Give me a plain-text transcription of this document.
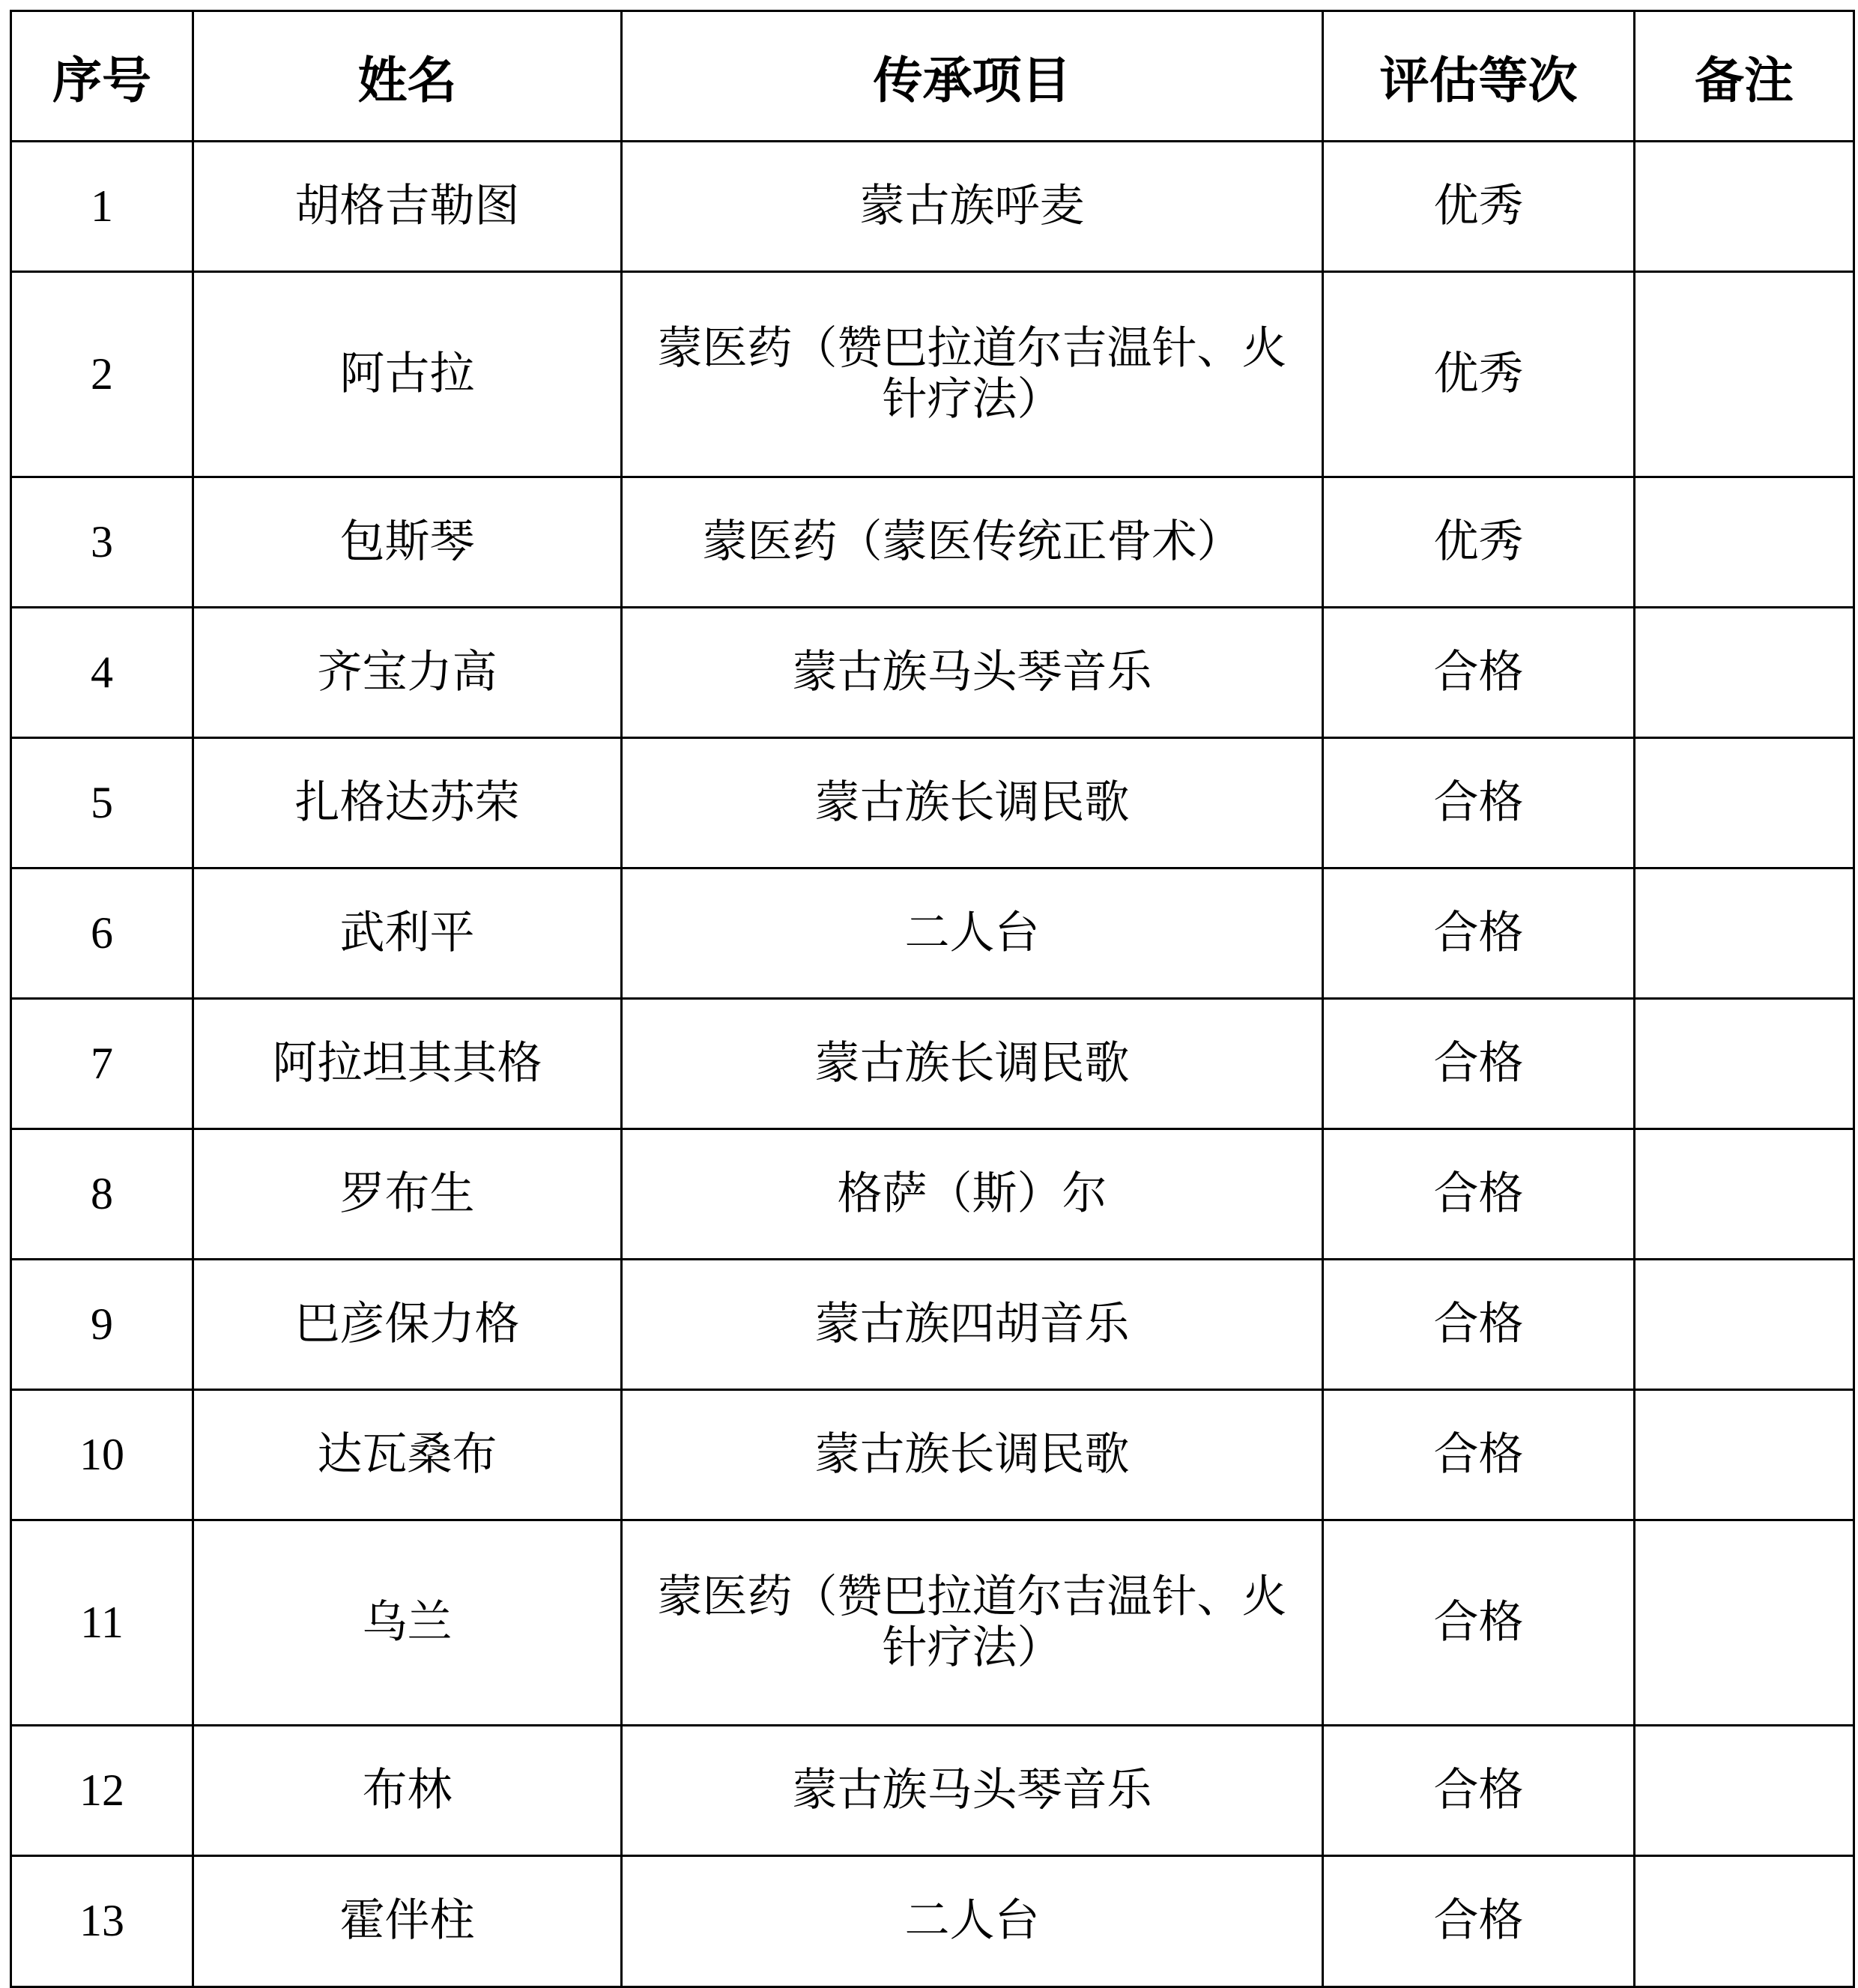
序号	姓名	传承项目	评估等次	备注
1	胡格吉勒图	蒙古族呼麦	优秀	
2	阿古拉	蒙医药（赞巴拉道尔吉温针、火针疗法）	优秀	
3	包斯琴	蒙医药（蒙医传统正骨术）	优秀	
4	齐宝力高	蒙古族马头琴音乐	合格	
5	扎格达苏荣	蒙古族长调民歌	合格	
6	武利平	二人台	合格	
7	阿拉坦其其格	蒙古族长调民歌	合格	
8	罗布生	格萨（斯）尔	合格	
9	巴彦保力格	蒙古族四胡音乐	合格	
10	达瓦桑布	蒙古族长调民歌	合格	
11	乌兰	蒙医药（赞巴拉道尔吉温针、火针疗法）	合格	
12	布林	蒙古族马头琴音乐	合格	
13	霍伴柱	二人台	合格	
